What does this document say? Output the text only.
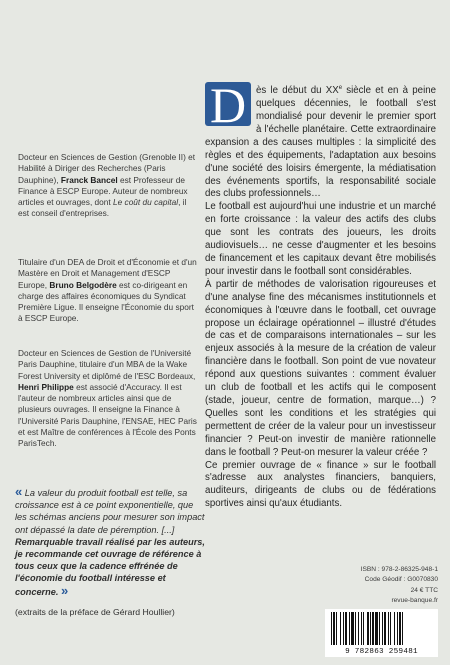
Docteur en Sciences de Gestion (Grenoble II) et Habilité à Diriger des Recherches (Paris Dauphine), Franck Bancel est Professeur de Finance à ESCP Europe. Auteur de nombreux articles et ouvrages, dont Le coût du capital, il est conseil d'entreprises.
Titulaire d'un DEA de Droit et d'Économie et d'un Mastère en Droit et Management d'ESCP Europe, Bruno Belgodère est co-dirigeant en charge des affaires économiques du Syndicat Première Ligue. Il enseigne l'Économie du sport à ESCP Europe.
Docteur en Sciences de Gestion de l'Université Paris Dauphine, titulaire d'un MBA de la Wake Forest University et diplômé de l'ESC Bordeaux, Henri Philippe est associé d'Accuracy. Il est l'auteur de nombreux articles ainsi que de plusieurs ouvrages. Il enseigne la Finance à l'Université Paris Dauphine, l'ENSAE, HEC Paris et est Maître de conférences à l'École des Ponts ParisTech.
« La valeur du produit football est telle, sa croissance est à ce point exponentielle, que les schémas anciens pour mesurer son impact ont dépassé la date de péremption. [...] Remarquable travail réalisé par les auteurs, je recommande cet ouvrage de référence à tous ceux que la cadence effrénée de l'économie du football intéresse et concerne. »
(extraits de la préface de Gérard Houllier)

D	ès le début du XXe siècle et en à peine quelques décennies, le football s'est mondialisé pour devenir le premier sport à l'échelle planétaire. Cette extraordinaire expansion a des causes multiples : la simplicité des règles et des équipements, l'adaptation aux besoins d'une société des loisirs émergente, la médiatisation des événements sportifs, la responsabilité sociale des clubs professionnels…

Le football est aujourd'hui une industrie et un marché en forte croissance : la valeur des actifs des clubs que sont les contrats des joueurs, les droits audiovisuels… ne cesse d'augmenter et les besoins de financement et les capitaux devant être mobilisés pour investir dans le football sont considérables.

À partir de méthodes de valorisation rigoureuses et d'une analyse fine des mécanismes institutionnels et économiques à l'œuvre dans le football, cet ouvrage propose un éclairage opérationnel – illustré d'études de cas et de comparaisons internationales – sur les enjeux associés à la mesure de la création de valeur financière dans le football. Son point de vue novateur répond aux questions suivantes : comment évaluer un club de football et les actifs qui le composent (stade, joueur, centre de formation, marque…) ? Quelles sont les conditions et les stratégies qui permettent de créer de la valeur pour un investisseur financier ? Peut-on investir de manière rationnelle dans le football ? Peut-on mesurer la valeur créée ?

Ce premier ouvrage de « finance » sur le football s'adresse aux analystes financiers, banquiers, auditeurs, dirigeants de clubs ou de fédérations sportives ainsi qu'aux étudiants.

ISBN : 978-2-86325-948-1
Code Géodif : G0070830
24 € TTC
revue-banque.fr
9 782863 259481
